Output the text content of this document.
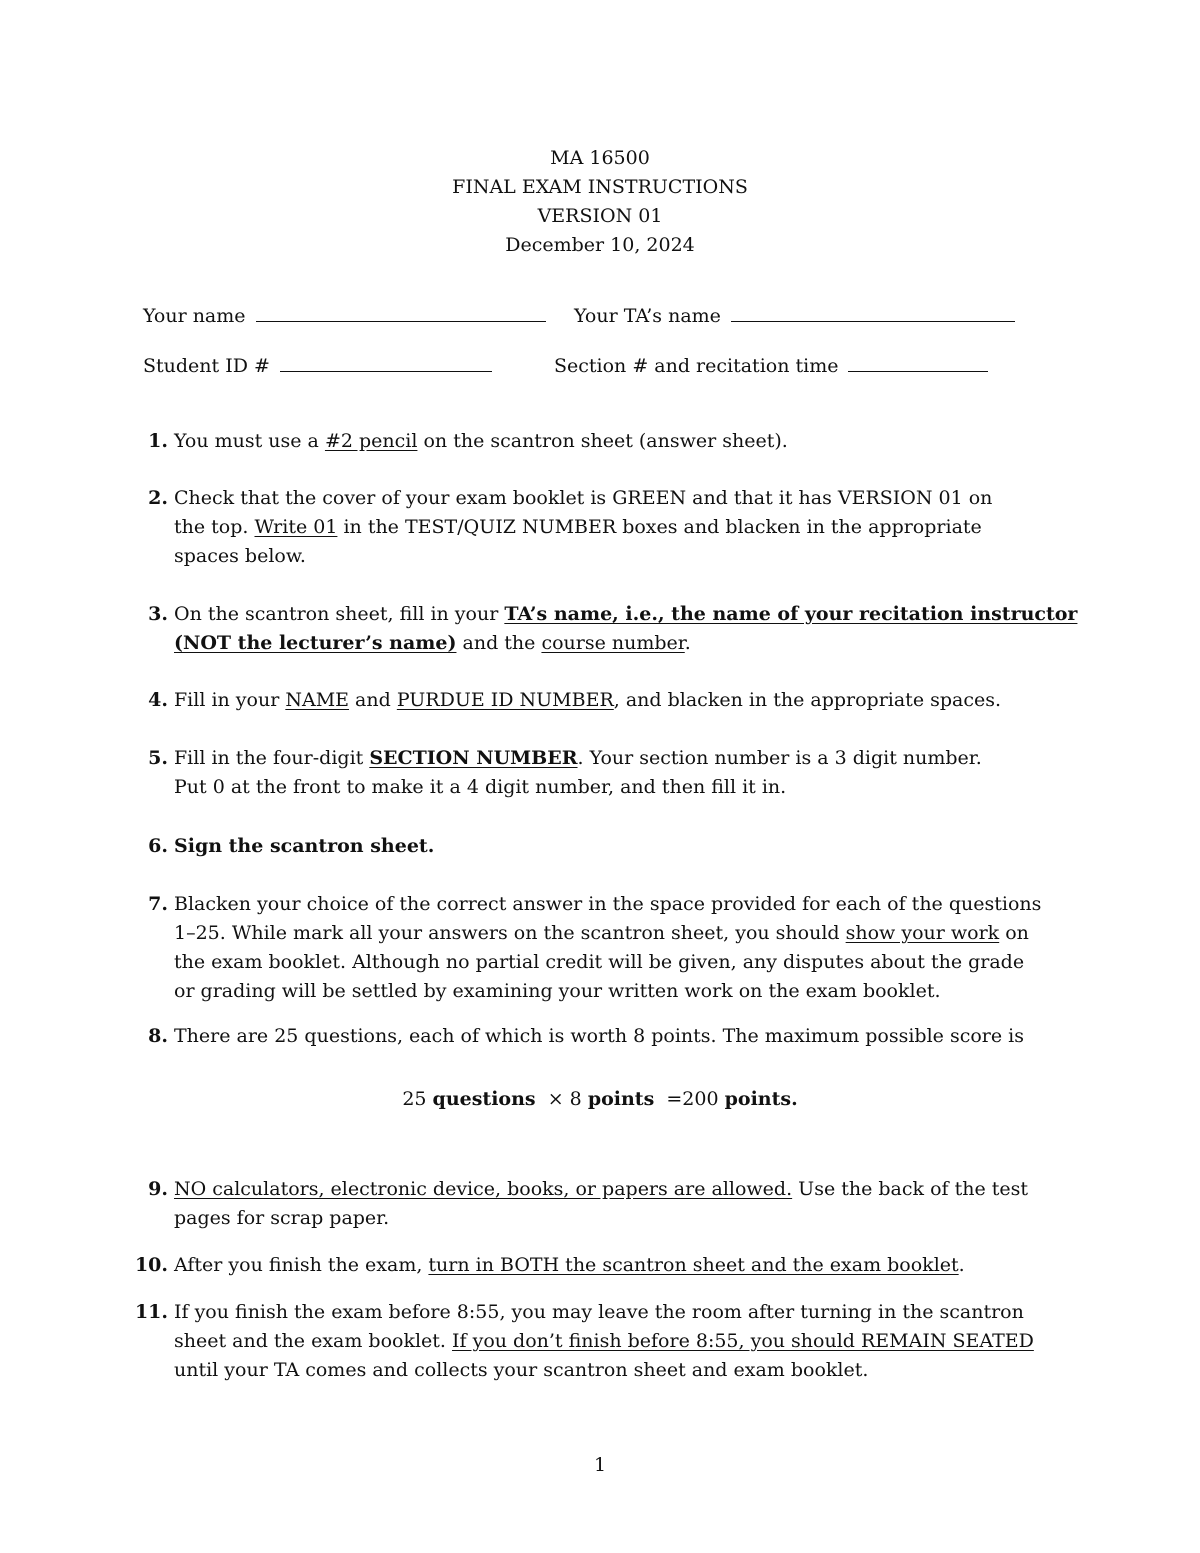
MA 16500
FINAL EXAM INSTRUCTIONS
VERSION 01
December 10, 2024
Your name	Your TA’s name
Student ID #	Section # and recitation time
1. You must use a #2 pencil on the scantron sheet (answer sheet).
2. Check that the cover of your exam booklet is GREEN and that it has VERSION 01 on
the top. Write 01 in the TEST/QUIZ NUMBER boxes and blacken in the appropriate
spaces below.
3. On the scantron sheet, fill in your TA’s name, i.e., the name of your recitation instructor
(NOT the lecturer’s name) and the course number.
4. Fill in your NAME and PURDUE ID NUMBER, and blacken in the appropriate spaces.
5. Fill in the four-digit SECTION NUMBER. Your section number is a 3 digit number.
Put 0 at the front to make it a 4 digit number, and then fill it in.
6. Sign the scantron sheet.
7. Blacken your choice of the correct answer in the space provided for each of the questions
1–25. While mark all your answers on the scantron sheet, you should show your work on
the exam booklet. Although no partial credit will be given, any disputes about the grade
or grading will be settled by examining your written work on the exam booklet.
8. There are 25 questions, each of which is worth 8 points. The maximum possible score is
9. NO calculators, electronic device, books, or papers are allowed. Use the back of the test
pages for scrap paper.
10. After you finish the exam, turn in BOTH the scantron sheet and the exam booklet.
11. If you finish the exam before 8:55, you may leave the room after turning in the scantron
sheet and the exam booklet. If you don’t finish before 8:55, you should REMAIN SEATED
until your TA comes and collects your scantron sheet and exam booklet.
25 questions × 8 points =200 points.
1
